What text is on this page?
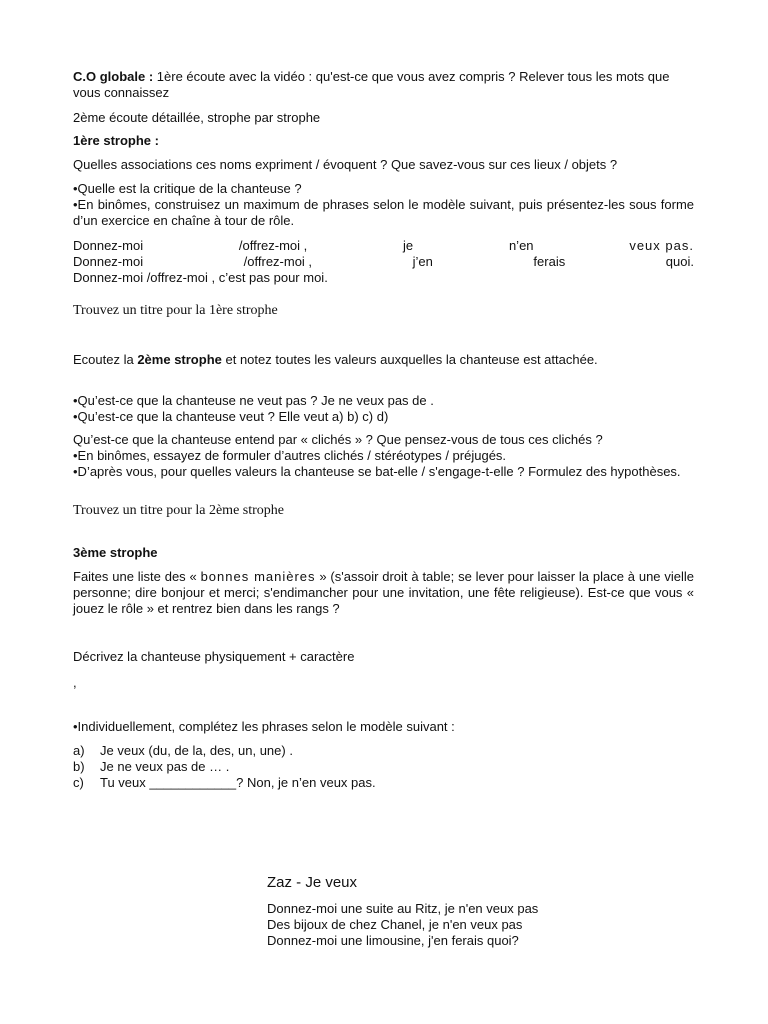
C.O globale : 1ère écoute avec la vidéo : qu'est-ce que vous avez compris ? Relever tous les mots que vous connaissez
2ème écoute détaillée, strophe par strophe
1ère strophe :
Quelles associations ces noms expriment / évoquent ? Que savez-vous sur ces lieux / objets ?
•Quelle est la critique de la chanteuse ?
•En binômes, construisez un maximum de phrases selon le modèle suivant, puis présentez-les sous forme d’un exercice en chaîne à tour de rôle.
Donnez-moi	/offrez-moi ,	je	n’en	veux pas.
Donnez-moi	/offrez-moi ,	j’en	ferais	quoi.
Donnez-moi /offrez-moi , c’est pas pour moi.
Trouvez un titre pour la 1ère strophe
Ecoutez la 2ème strophe et notez toutes les valeurs auxquelles la chanteuse est attachée.
•Qu’est-ce que la chanteuse ne veut pas ? Je ne veux pas de .
•Qu’est-ce que la chanteuse veut ? Elle veut a) b) c) d)
Qu’est-ce que la chanteuse entend par « clichés » ? Que pensez-vous de tous ces clichés ?
•En binômes, essayez de formuler d’autres clichés / stéréotypes / préjugés.
•D’après vous, pour quelles valeurs la chanteuse se bat-elle / s'engage-t-elle ? Formulez des hypothèses.
Trouvez un titre pour la 2ème strophe
3ème strophe
Faites une liste des « bonnes manières » (s'assoir droit à table; se lever pour laisser la place à une vielle personne; dire bonjour et merci; s'endimancher pour une invitation, une fête religieuse). Est-ce que vous « jouez le rôle » et rentrez bien dans les rangs ?
Décrivez la chanteuse physiquement + caractère
,
•Individuellement, complétez les phrases selon le modèle suivant :
a)	Je veux (du, de la, des, un, une) .
b)	Je ne veux pas de … .
c)	Tu veux ____________? Non, je n’en veux pas.
Zaz - Je veux
Donnez-moi une suite au Ritz, je n'en veux pas
Des bijoux de chez Chanel, je n'en veux pas
Donnez-moi une limousine, j'en ferais quoi?
